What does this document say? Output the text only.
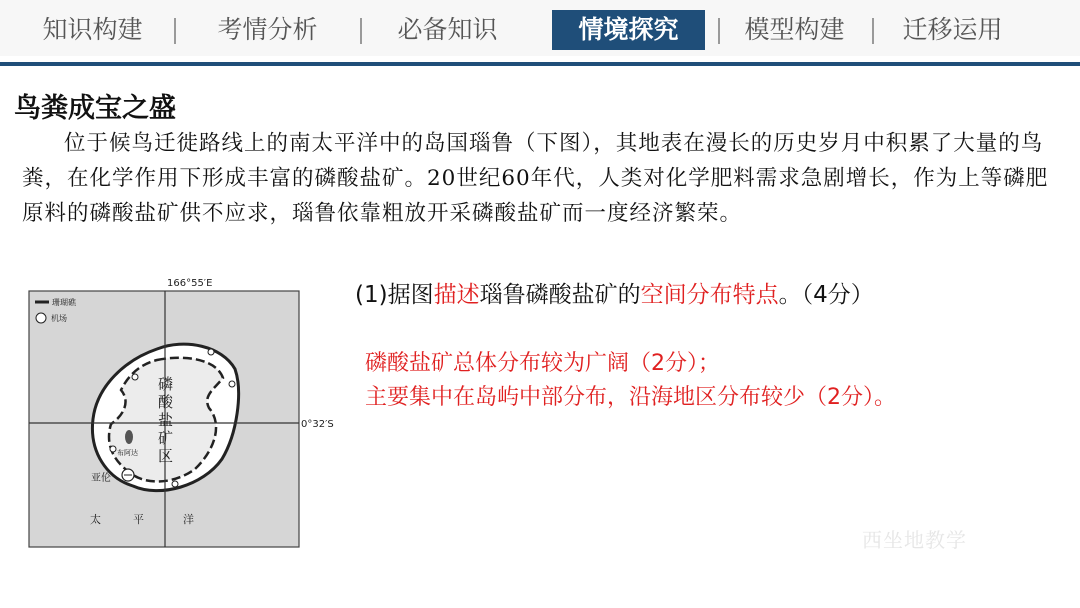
知识构建	考情分析	必备知识	情境探究	模型构建	迁移运用
鸟粪成宝之盛
位于候鸟迁徙路线上的南太平洋中的岛国瑙鲁（下图），其地表在漫长的历史岁月中积累了大量的鸟粪，在化学作用下形成丰富的磷酸盐矿。20世纪60年代，人类对化学肥料需求急剧增长，作为上等磷肥原料的磷酸盐矿供不应求，瑙鲁依靠粗放开采磷酸盐矿而一度经济繁荣。
166°55′E
0°32′S
珊瑚礁
机场
磷
酸
盐
矿
区
布阿达
亚伦
太	平	洋
(1)据图描述瑙鲁磷酸盐矿的空间分布特点。（4分）
磷酸盐矿总体分布较为广阔（2分）；
主要集中在岛屿中部分布，沿海地区分布较少（2分）。
西坐地教学
